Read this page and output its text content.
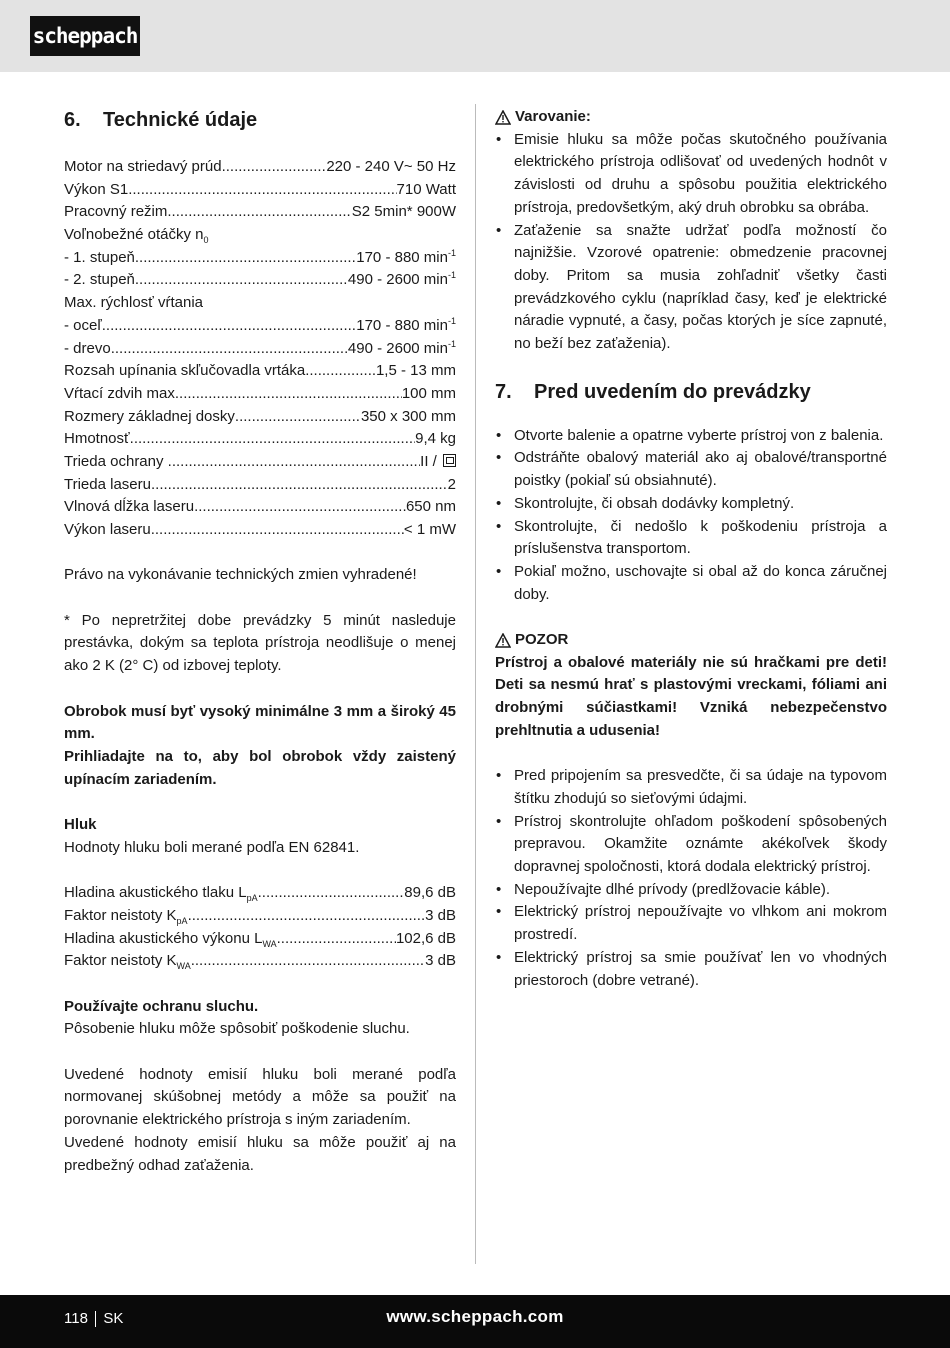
scheppach
6.	Technické údaje
Motor na striedavý prúd .....	220 - 240 V~ 50 Hz
Výkon S1 .....	710 Watt
Pracovný režim .....	S2 5min* 900W
Voľnobežné otáčky $n_0$
- 1. stupeň .....	170 - 880 $\min^{-1}$
- 2. stupeň .....	490 - 2600 $\min^{-1}$
Max. rýchlosť vŕtania
- oceľ .....	170 - 880 $\min^{-1}$
- drevo .....	490 - 2600 $\min^{-1}$
Rozsah upínania skľučovadla vrtáka .....	1,5 - 13 mm
Vŕtací zdvih max .....	100 mm
Rozmery základnej dosky .....	350 x 300 mm
Hmotnosť .....	9,4 kg
Trieda ochrany .....	II /
Trieda laseru .....	2
Vlnová dĺžka laseru .....	650 nm
Výkon laseru .....	< 1 mW

Právo na vykonávanie technických zmien vyhradené!

* Po nepretržitej dobe prevádzky 5 minút nasleduje prestávka, dokým sa teplota prístroja neodlišuje o menej ako 2 K (2° C) od izbovej teploty.

Obrobok musí byť vysoký minimálne 3 mm a široký 45 mm.

Prihliadajte na to, aby bol obrobok vždy zaistený upínacím zariadením.

Hluk

Hodnoty hluku boli merané podľa EN 62841.

Hladina akustického tlaku $L_{pA}$ .....	89,6 dB
Faktor neistoty $K_{pA}$ .....	3 dB
Hladina akustického výkonu $L_{WA}$ .....	102,6 dB
Faktor neistoty $K_{WA}$ .....	3 dB

Používajte ochranu sluchu.

Pôsobenie hluku môže spôsobiť poškodenie sluchu.

Uvedené hodnoty emisií hluku boli merané podľa normovanej skúšobnej metódy a môže sa použiť na porovnanie elektrického prístroja s iným zariadením.

Uvedené hodnoty emisií hluku sa môže použiť aj na predbežný odhad zaťaženia.

Varovanie:
• Emisie hluku sa môže počas skutočného používania elektrického prístroja odlišovať od uvedených hodnôt v závislosti od druhu a spôsobu použitia elektrického prístroja, predovšetkým, aký druh obrobku sa obrába.
• Zaťaženie sa snažte udržať podľa možností čo najnižšie. Vzorové opatrenie: obmedzenie pracovnej doby. Pritom sa musia zohľadniť všetky časti prevádzkového cyklu (napríklad časy, keď je elektrické náradie vypnuté, a časy, počas ktorých je síce zapnuté, no beží bez zaťaženia).
7.	Pred uvedením do prevádzky
• Otvorte balenie a opatrne vyberte prístroj von z balenia.
• Odstráňte obalový materiál ako aj obalové/transportné poistky (pokiaľ sú obsiahnuté).
• Skontrolujte, či obsah dodávky kompletný.
• Skontrolujte, či nedošlo k poškodeniu prístroja a príslušenstva transportom.
• Pokiaľ možno, uschovajte si obal až do konca záručnej doby.
POZOR

Prístroj a obalové materiály nie sú hračkami pre deti! Deti sa nesmú hrať s plastovými vreckami, fóliami ani drobnými súčiastkami! Vzniká nebezpečenstvo prehltnutia a udusenia!

• Pred pripojením sa presvedčte, či sa údaje na typovom štítku zhodujú so sieťovými údajmi.
• Prístroj skontrolujte ohľadom poškodení spôsobených prepravou. Okamžite oznámte akékoľvek škody dopravnej spoločnosti, ktorá dodala elektrický prístroj.
• Nepoužívajte dlhé prívody (predlžovacie káble).
• Elektrický prístroj nepoužívajte vo vlhkom ani mokrom prostredí.
• Elektrický prístroj sa smie používať len vo vhodných priestoroch (dobre vetrané).
118 SK	www.scheppach.com
